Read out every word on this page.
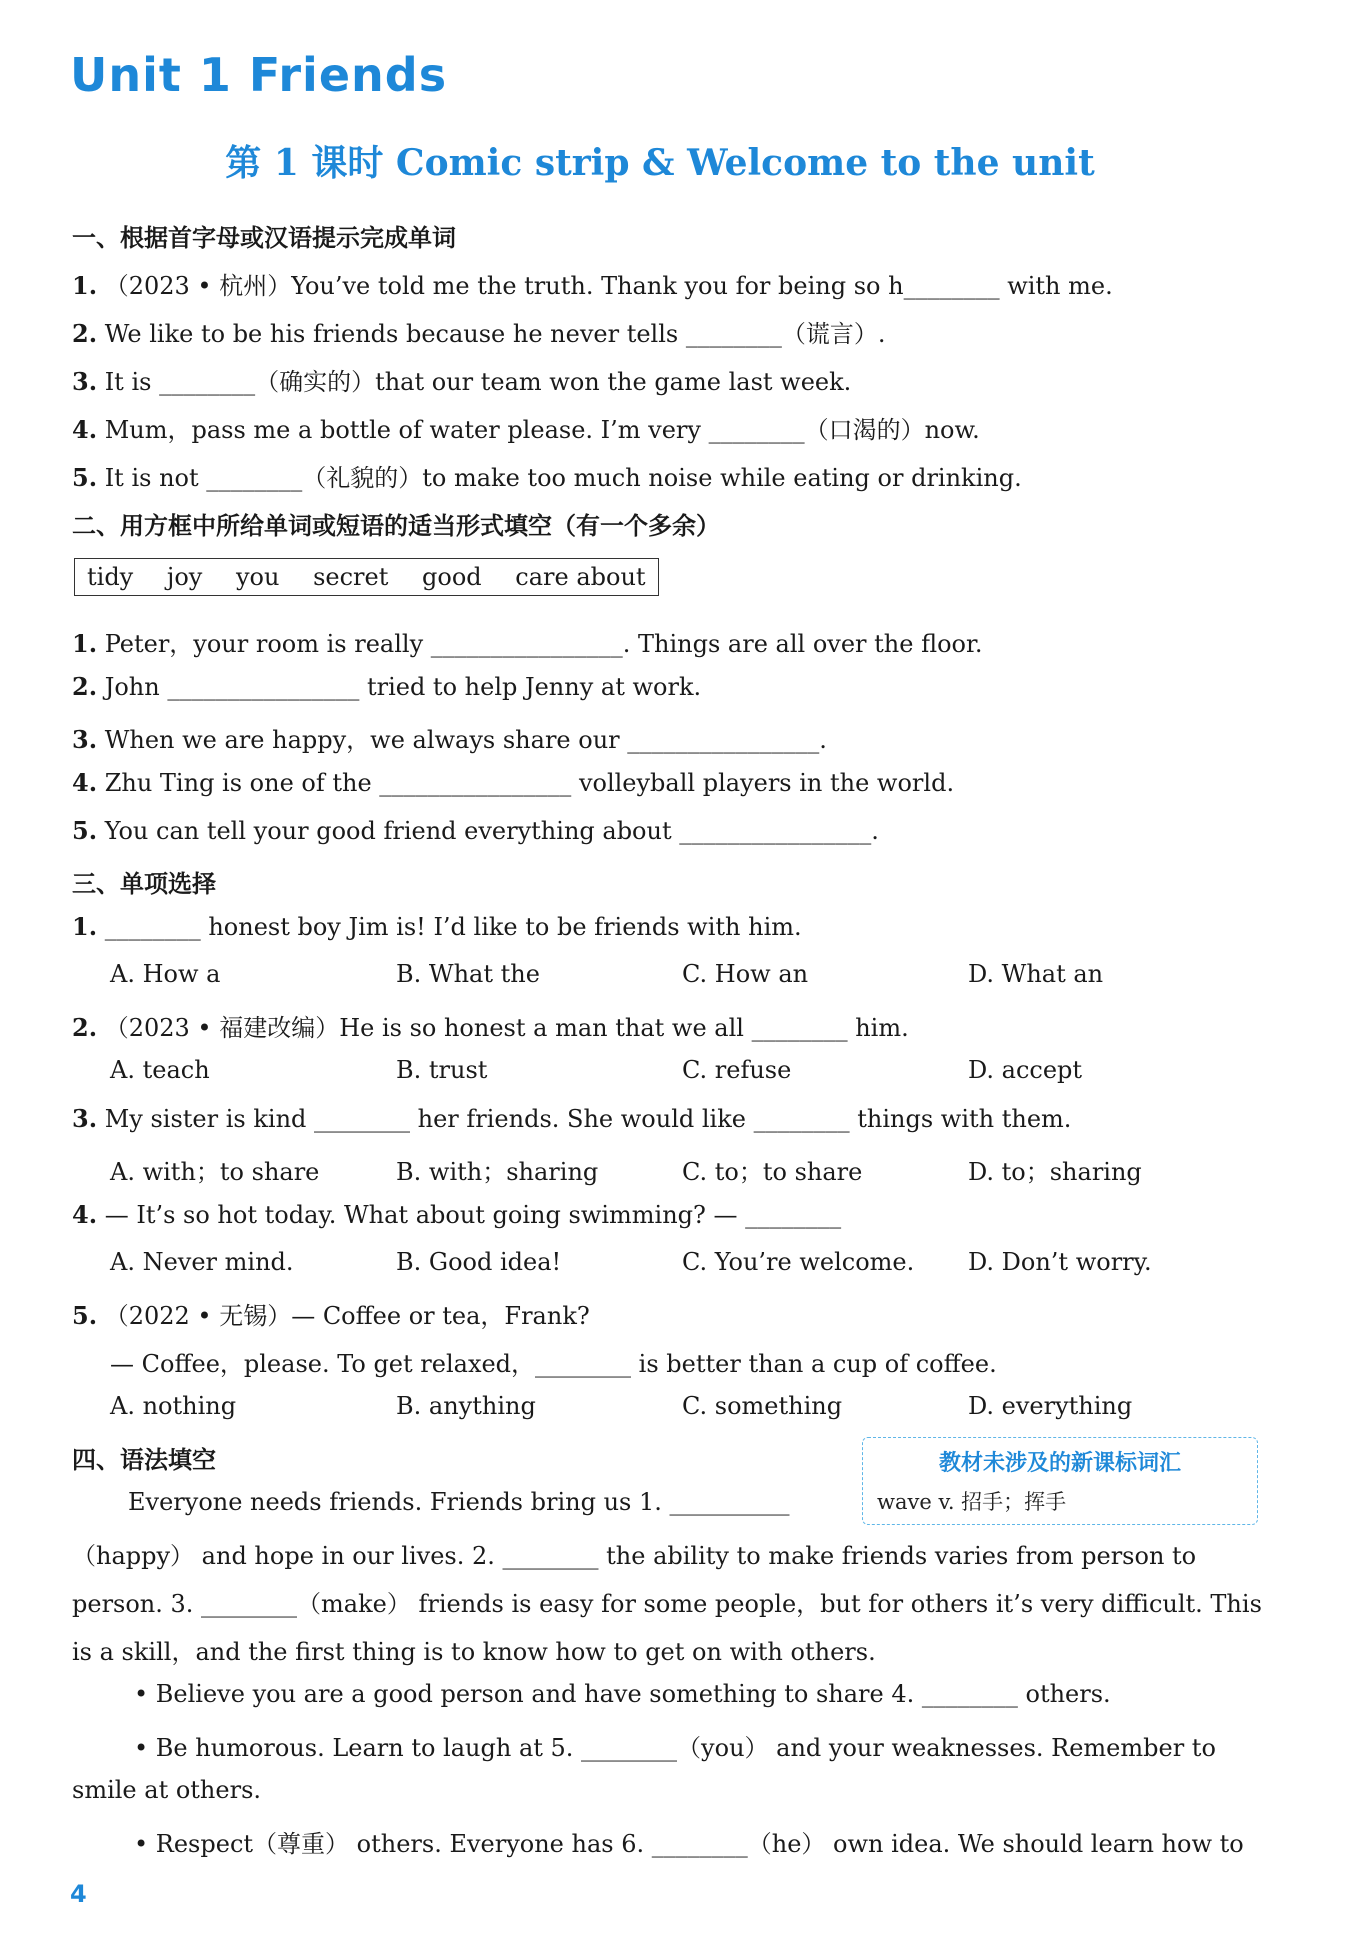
Unit 1 Friends
第 1 课时 Comic strip & Welcome to the unit
一、根据首字母或汉语提示完成单词
1. （2023 • 杭州）You’ve told me the truth. Thank you for being so h________ with me.
2. We like to be his friends because he never tells ________（谎言）.
3. It is ________（确实的）that our team won the game last week.
4. Mum，pass me a bottle of water please. I’m very ________（口渴的）now.
5. It is not ________（礼貌的）to make too much noise while eating or drinking.
二、用方框中所给单词或短语的适当形式填空（有一个多余）
tidy joy you secret good care about
1. Peter，your room is really ________________. Things are all over the floor.
2. John ________________ tried to help Jenny at work.
3. When we are happy，we always share our ________________.
4. Zhu Ting is one of the ________________ volleyball players in the world.
5. You can tell your good friend everything about ________________.
三、单项选择
1. ________ honest boy Jim is! I’d like to be friends with him.
A. How a	B. What the	C. How an	D. What an
2. （2023 • 福建改编）He is so honest a man that we all ________ him.
A. teach	B. trust	C. refuse	D. accept
3. My sister is kind ________ her friends. She would like ________ things with them.
A. with；to share	B. with；sharing	C. to；to share	D. to；sharing
4. — It’s so hot today. What about going swimming? — ________
A. Never mind.	B. Good idea!	C. You’re welcome. D. Don’t worry.
5. （2022 • 无锡）— Coffee or tea，Frank?
— Coffee，please. To get relaxed，________ is better than a cup of coffee.
A. nothing	B. anything	C. something	D. everything
四、语法填空	教材未涉及的新课标词汇
wave v. 招手；挥手
Everyone needs friends. Friends bring us 1. __________
（happy） and hope in our lives. 2. ________ the ability to make friends varies from person to
person. 3. ________（make） friends is easy for some people，but for others it’s very difficult. This
is a skill，and the first thing is to know how to get on with others.
• Believe you are a good person and have something to share 4. ________ others.
• Be humorous. Learn to laugh at 5. ________（you） and your weaknesses. Remember to
smile at others.
• Respect（尊重） others. Everyone has 6. ________（he） own idea. We should learn how to
4
